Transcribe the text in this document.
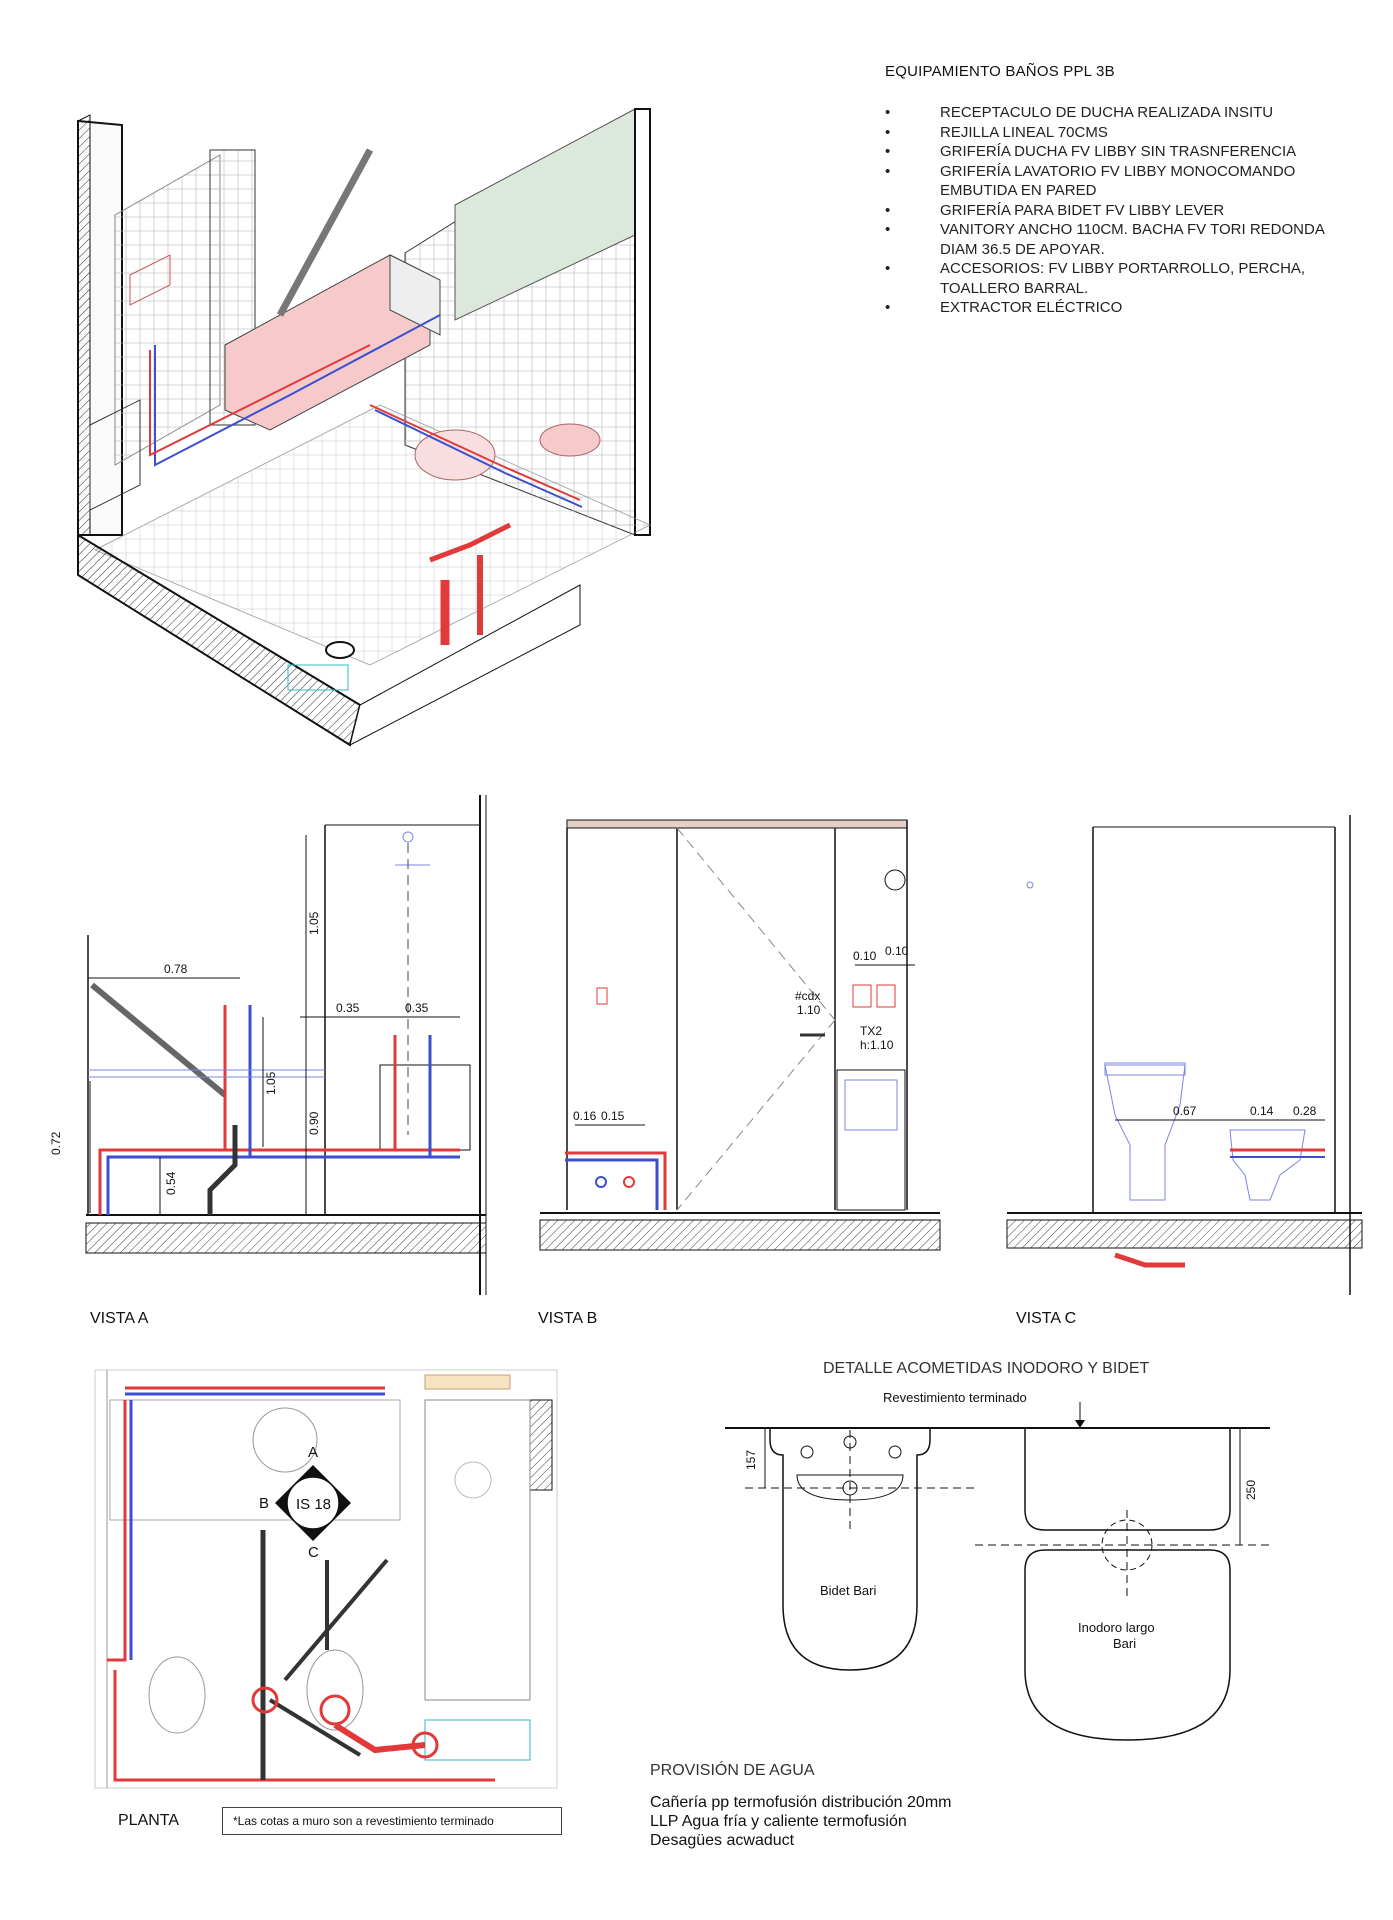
EQUIPAMIENTO BAÑOS PPL 3B
• RECEPTACULO DE DUCHA REALIZADA INSITU
• REJILLA LINEAL 70CMS
• GRIFERÍA DUCHA FV LIBBY SIN TRASNFERENCIA
• GRIFERÍA LAVATORIO FV LIBBY MONOCOMANDO EMBUTIDA EN PARED
• GRIFERÍA PARA BIDET FV LIBBY LEVER
• VANITORY ANCHO 110CM. BACHA FV TORI REDONDA DIAM 36.5 DE APOYAR.
• ACCESORIOS: FV LIBBY PORTARROLLO, PERCHA, TOALLERO BARRAL.
• EXTRACTOR ELÉCTRICO
0.78
1.05
1.05
0.35	0.35
0.90
0.72
0.54
VISTA A
0.10 0.10
#cdx
1.10
TX2
h:1.10
0.16 0.15
VISTA B
0.67	0.14 0.28
VISTA C
IS 18
A
B
C
PLANTA	*Las cotas a muro son a revestimiento terminado
DETALLE ACOMETIDAS INODORO Y BIDET
Revestimiento terminado
157
250
Bidet Bari
Inodoro largo
Bari
PROVISIÓN DE AGUA
Cañería pp termofusión distribución 20mm
LLP Agua fría y caliente termofusión
Desagües acwaduct
